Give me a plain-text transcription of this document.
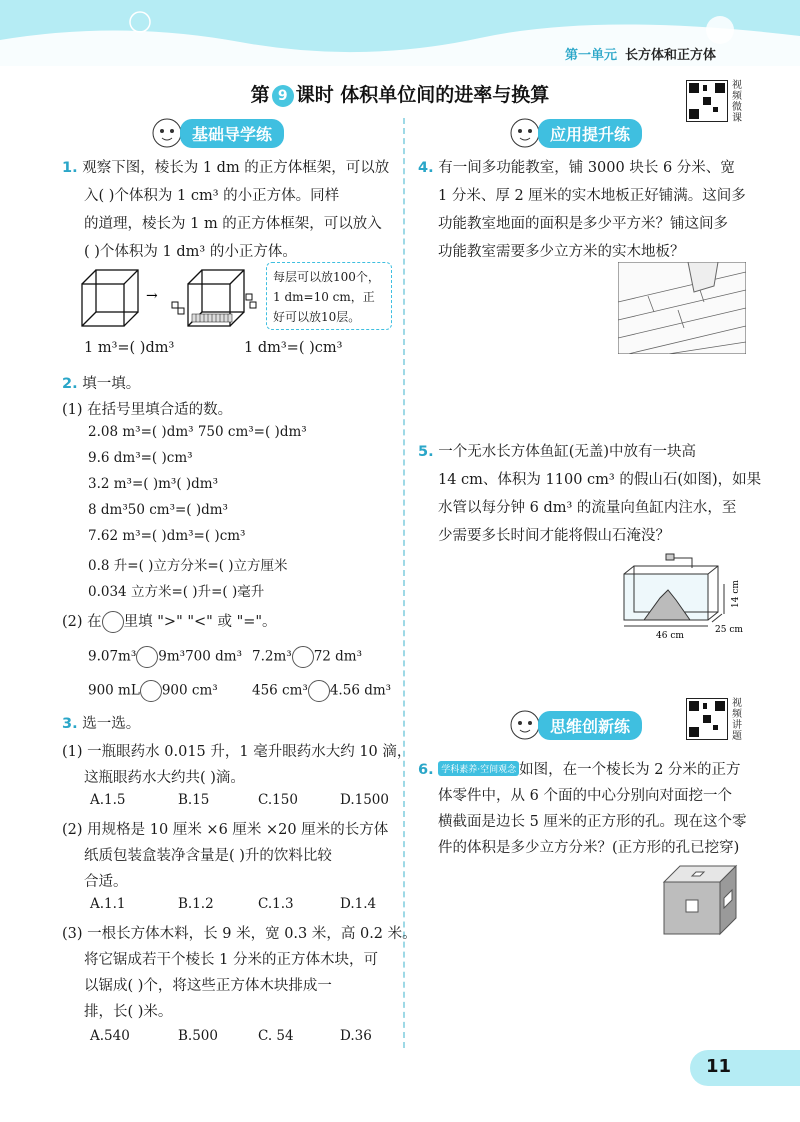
第一单元 长方体和正方体
第 9 课时 体积单位间的进率与换算	视频微课
视频讲题
基础导学练	应用提升练
思维创新练
1. 观察下图，棱长为 1 dm 的正方体框架，可以放
入( )个体积为 1 cm³ 的小正方体。同样
的道理，棱长为 1 m 的正方体框架，可以放入
( )个体积为 1 dm³ 的小正方体。
→
每层可以放100个，1 dm=10 cm，正好可以放10层。
1 m³=( )dm³	1 dm³=( )cm³
2. 填一填。
(1) 在括号里填合适的数。
2.08 m³=( )dm³ 750 cm³=( )dm³
9.6 dm³=( )cm³
3.2 m³=( )m³( )dm³
8 dm³50 cm³=( )dm³
7.62 m³=( )dm³=( )cm³
0.8 升=( )立方分米=( )立方厘米
0.034 立方米=( )升=( )毫升
(2) 在 里填 ">" "<" 或 "="。
9.07m³ 9m³700 dm³ 7.2m³ 72 dm³
900 mL 900 cm³	456 cm³ 4.56 dm³
3. 选一选。
(1) 一瓶眼药水 0.015 升，1 毫升眼药水大约 10 滴，
这瓶眼药水大约共( )滴。
A.1.5	B.15	C.150	D.1500
(2) 用规格是 10 厘米 ×6 厘米 ×20 厘米的长方体
纸质包装盒装净含量是( )升的饮料比较
合适。
A.1.1	B.1.2	C.1.3	D.1.4
(3) 一根长方体木料，长 9 米，宽 0.3 米，高 0.2 米。
将它锯成若干个棱长 1 分米的正方体木块，可
以锯成( )个，将这些正方体木块排成一
排，长( )米。
A.540	B.500	C. 54	D.36
4. 有一间多功能教室，铺 3000 块长 6 分米、宽
1 分米、厚 2 厘米的实木地板正好铺满。这间多
功能教室地面的面积是多少平方米？铺这间多
功能教室需要多少立方米的实木地板？
5. 一个无水长方体鱼缸(无盖)中放有一块高
14 cm、体积为 1100 cm³ 的假山石(如图)，如果
水管以每分钟 6 dm³ 的流量向鱼缸内注水，至
少需要多长时间才能将假山石淹没？
46 cm
25 cm
14 cm
6. 学科素养·空间观念 如图，在一个棱长为 2 分米的正方
体零件中，从 6 个面的中心分别向对面挖一个
横截面是边长 5 厘米的正方形的孔。现在这个零
件的体积是多少立方分米？(正方形的孔已挖穿)
11
